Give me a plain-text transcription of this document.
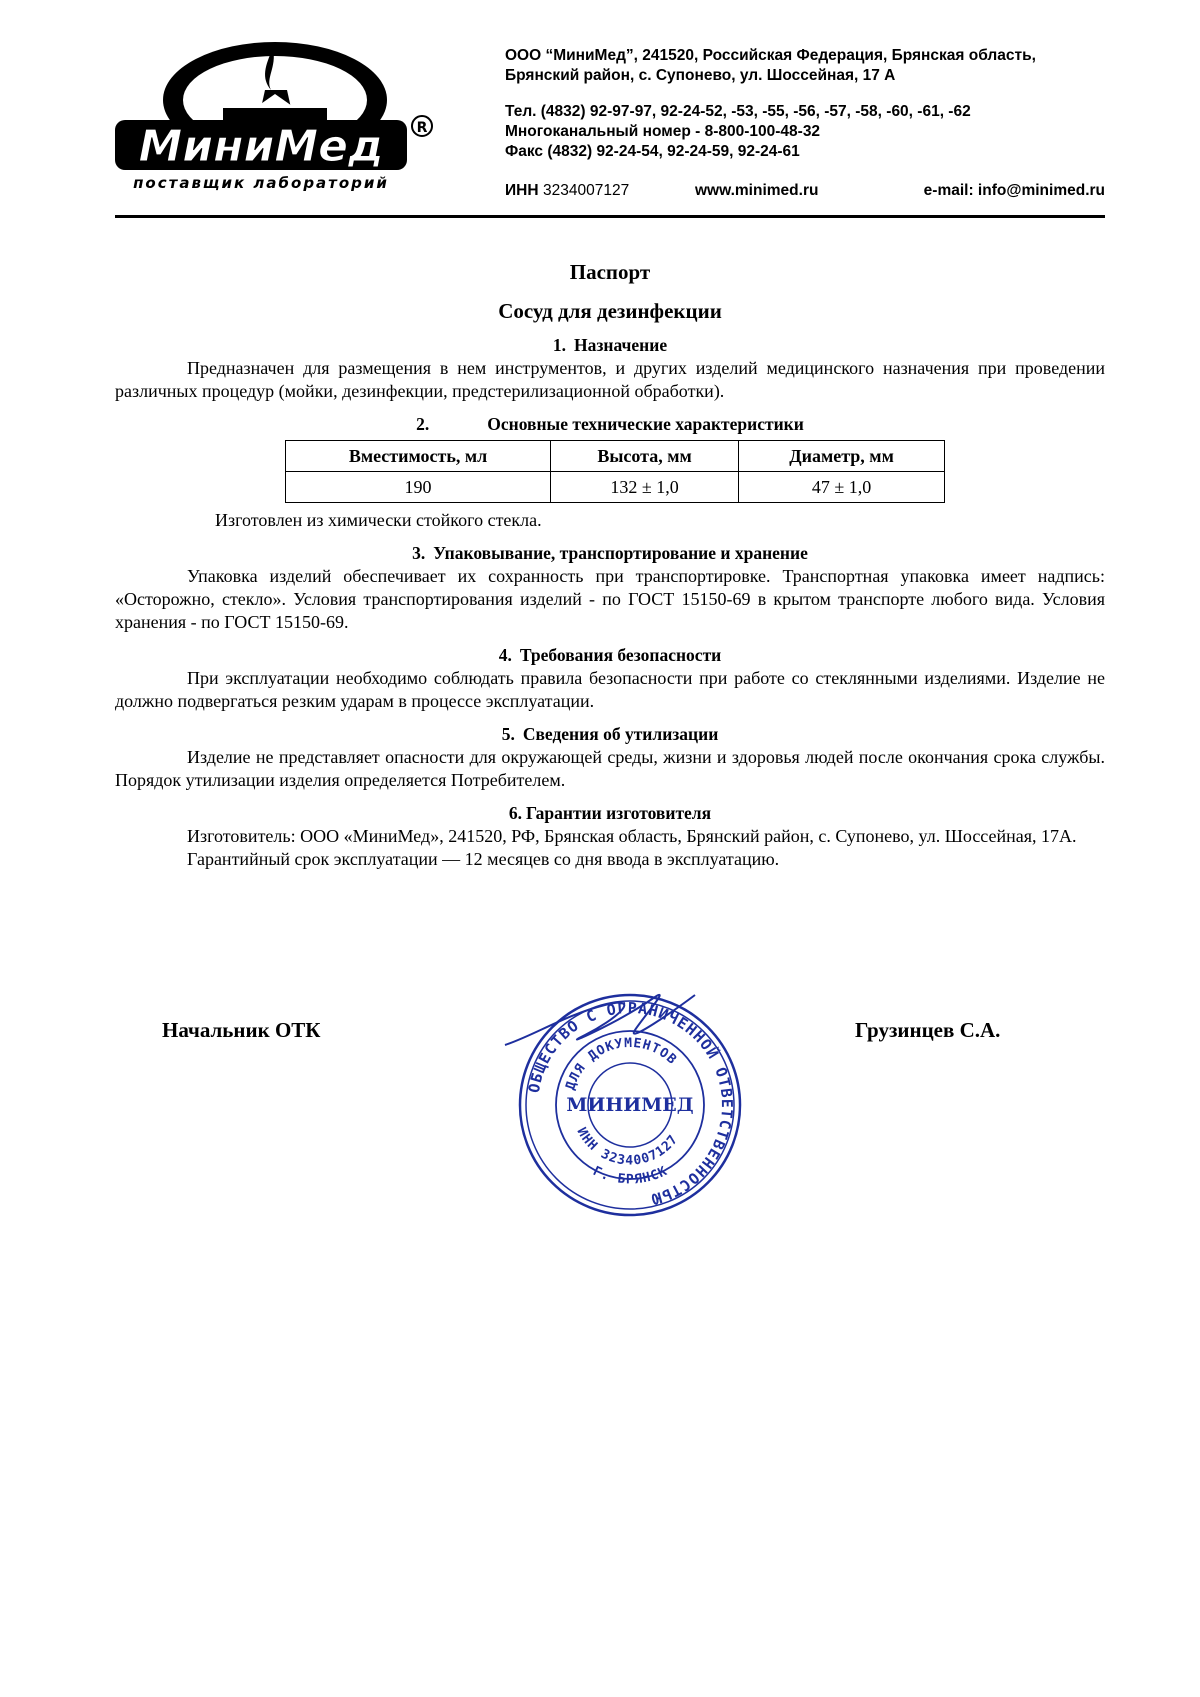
МиниМед R
поставщик лабораторий
ООО “МиниМед”, 241520, Российская Федерация, Брянская область,
Брянский район, с. Супонево, ул. Шоссейная, 17 А
Тел. (4832) 92-97-97, 92-24-52, -53, -55, -56, -57, -58, -60, -61, -62
Многоканальный номер - 8-800-100-48-32
Факс (4832) 92-24-54, 92-24-59, 92-24-61
ИНН 3234007127	www.minimed.ru	e-mail: info@minimed.ru
Паспорт
Сосуд для дезинфекции
1. Назначение
Предназначен для размещения в нем инструментов, и других изделий медицинского назначения при проведении различных процедур (мойки, дезинфекции, предстерилизационной обработки).
2.	Основные технические характеристики
Вместимость, мл	Высота, мм	Диаметр, мм
190	132 ± 1,0	47 ± 1,0
Изготовлен из химически стойкого стекла.
3. Упаковывание, транспортирование и хранение
Упаковка изделий обеспечивает их сохранность при транспортировке. Транспортная упаковка имеет надпись: «Осторожно, стекло». Условия транспортирования изделий - по ГОСТ 15150-69 в крытом транспорте любого вида. Условия хранения - по ГОСТ 15150-69.
4. Требования безопасности
При эксплуатации необходимо соблюдать правила безопасности при работе со стеклянными изделиями. Изделие не должно подвергаться резким ударам в процессе эксплуатации.
5. Сведения об утилизации
Изделие не представляет опасности для окружающей среды, жизни и здоровья людей после окончания срока службы. Порядок утилизации изделия определяется Потребителем.
6. Гарантии изготовителя
Изготовитель: ООО «МиниМед», 241520, РФ, Брянская область, Брянский район, с. Супонево, ул. Шоссейная, 17А.
Гарантийный срок эксплуатации — 12 месяцев со дня ввода в эксплуатацию.
Начальник ОТК	Грузинцев С.А.
ОБЩЕСТВО С ОГРАНИЧЕННОЙ ОТВЕТСТВЕННОСТЬЮ
ДЛЯ ДОКУМЕНТОВ
МИНИМЕД
ИНН 3234007127
Г. БРЯНСК
